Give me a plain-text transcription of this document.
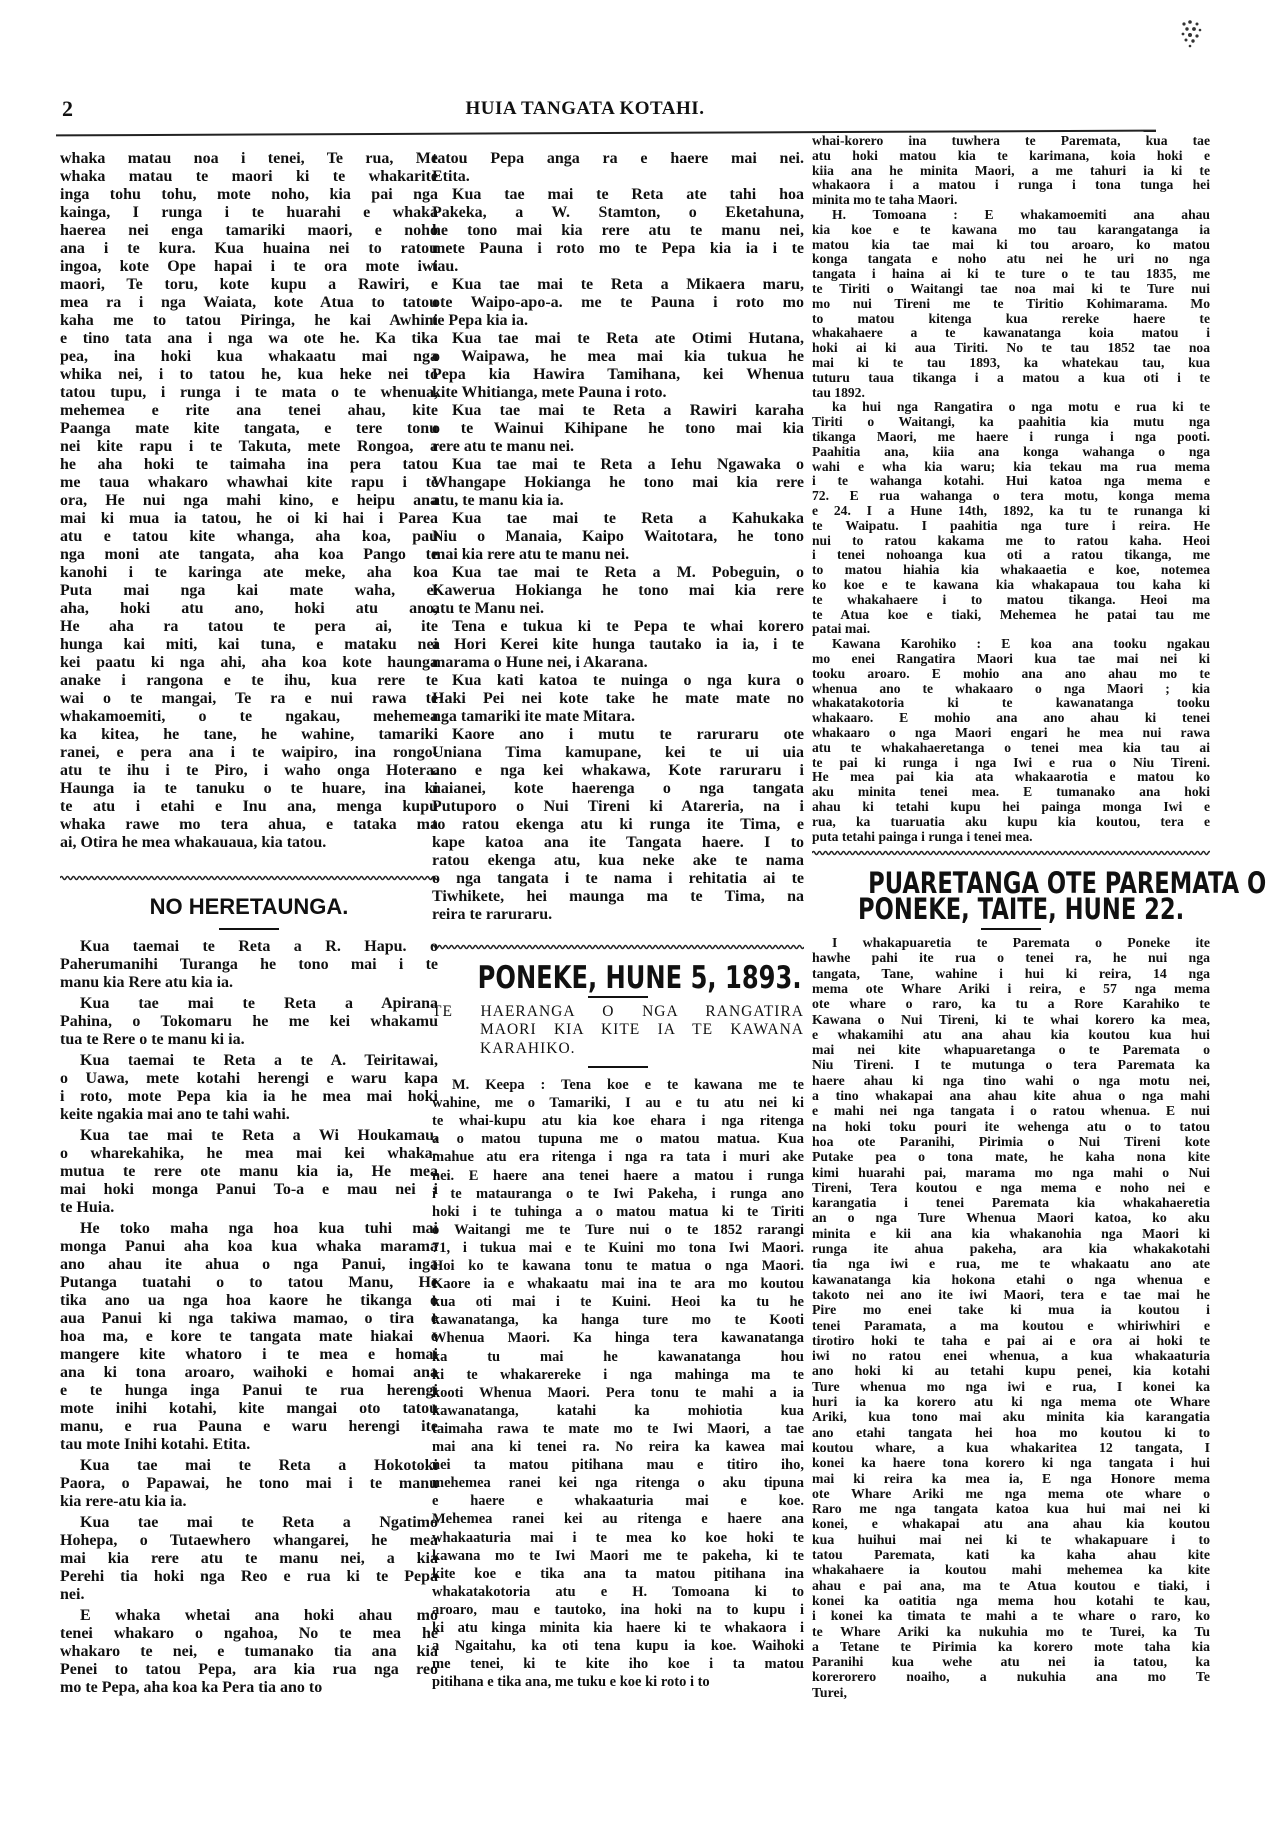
2	HUIA TANGATA KOTAHI.
whaka matau noa i tenei, Te rua, Me
whaka matau te maori ki te whakarite
inga tohu tohu, mote noho, kia pai nga
kainga, I runga i te huarahi e whaka
haerea nei enga tamariki maori, e noho
ana i te kura. Kua huaina nei to ratou
ingoa, kote Ope hapai i te ora mote iwi
maori, Te toru, kote kupu a Rawiri, e
mea ra i nga Waiata, kote Atua to tatou
kaha me to tatou Piringa, he kai Awhini
e tino tata ana i nga wa ote he. Ka tika
pea, ina hoki kua whakaatu mai nga
whika nei, i to tatou he, kua heke nei to
tatou tupu, i runga i te mata o te whenua,
mehemea e rite ana tenei ahau, kite
Paanga mate kite tangata, e tere tonu
nei kite rapu i te Takuta, mete Rongoa, a
he aha hoki te taimaha ina pera tatou
me taua whakaro whawhai kite rapu i te
ora, He nui nga mahi kino, e heipu ana
mai ki mua ia tatou, he oi ki hai i Parea
atu e tatou kite whanga, aha koa, pau
nga moni ate tangata, aha koa Pango te
kanohi i te karinga ate meke, aha koa
Puta mai nga kai mate waha, ei
aha, hoki atu ano, hoki atu ano,
He aha ra tatou te pera ai, ite
hunga kai miti, kai tuna, e mataku nei
kei paatu ki nga ahi, aha koa kote haunga
anake i rangona e te ihu, kua rere te
wai o te mangai, Te ra e nui rawa te
whakamoemiti, o te ngakau, mehemea
ka kitea, he tane, he wahine, tamariki
ranei, e pera ana i te waipiro, ina rongo-
atu te ihu i te Piro, i waho onga Hotera.
Haunga ia te tanuku o te huare, ina ki
te atu i etahi e Inu ana, menga kupu
whaka rawe mo tera ahua, e tataka ma
ai, Otira he mea whakauaua, kia tatou.
NO HERETAUNGA.
Kua taemai te Reta a R. Hapu. o
Paherumanihi Turanga he tono mai i te
manu kia Rere atu kia ia.
Kua tae mai te Reta a Apirana
Pahina, o Tokomaru he me kei whakamu
tua te Rere o te manu ki ia.
Kua taemai te Reta a te A. Teiritawai,
o Uawa, mete kotahi herengi e waru kapa
i roto, mote Pepa kia ia he mea mai hoki
keite ngakia mai ano te tahi wahi.
Kua tae mai te Reta a Wi Houkamau,
o wharekahika, he mea mai kei whaka-
mutua te rere ote manu kia ia, He mea
mai hoki monga Panui To-a e mau nei i
te Huia.
He toko maha nga hoa kua tuhi mai
monga Panui aha koa kua whaka marama
ano ahau ite ahua o nga Panui, inga
Putanga tuatahi o to tatou Manu, He
tika ano ua nga hoa kaore he tikanga o
aua Panui ki nga takiwa mamao, o tira e
hoa ma, e kore te tangata mate hiakai e
mangere kite whatoro i te mea e homai
ana ki tona aroaro, waihoki e homai ana
e te hunga inga Panui te rua herengi
mote inihi kotahi, kite mangai oto tatou
manu, e rua Pauna e waru herengi ite
tau mote Inihi kotahi. Etita.
Kua tae mai te Reta a Hokotoki
Paora, o Papawai, he tono mai i te manu
kia rere-atu kia ia.
Kua tae mai te Reta a Ngatimo
Hohepa, o Tutaewhero whangarei, he mea
mai kia rere atu te manu nei, a kia
Perehi tia hoki nga Reo e rua ki te Pepa
nei.
E whaka whetai ana hoki ahau mo
tenei whakaro o ngahoa, No te mea he
whakaro te nei, e tumanako tia ana kia
Penei to tatou Pepa, ara kia rua nga reo
mo te Pepa, aha koa ka Pera tia ano to
tatou Pepa anga ra e haere mai nei.
Etita.
Kua tae mai te Reta ate tahi hoa
Pakeka, a W. Stamton, o Eketahuna,
he tono mai kia rere atu te manu nei,
mete Pauna i roto mo te Pepa kia ia i te
tau.
Kua tae mai te Reta a Mikaera maru,
ote Waipo-apo-a. me te Pauna i roto mo
te Pepa kia ia.
Kua tae mai te Reta ate Otimi Hutana,
o Waipawa, he mea mai kia tukua he
Pepa kia Hawira Tamihana, kei Whenua
kite Whitianga, mete Pauna i roto.
Kua tae mai te Reta a Rawiri karaha
o te Wainui Kihipane he tono mai kia
rere atu te manu nei.
Kua tae mai te Reta a Iehu Ngawaka o
Whangape Hokianga he tono mai kia rere
atu, te manu kia ia.
Kua tae mai te Reta a Kahukaka
Niu o Manaia, Kaipo Waitotara, he tono
mai kia rere atu te manu nei.
Kua tae mai te Reta a M. Pobeguin, o
Kawerua Hokianga he tono mai kia rere
atu te Manu nei.
Tena e tukua ki te Pepa te whai korero
a Hori Kerei kite hunga tautako ia ia, i te
marama o Hune nei, i Akarana.
Kua kati katoa te nuinga o nga kura o
Haki Pei nei kote take he mate mate no
nga tamariki ite mate Mitara.
Kaore ano i mutu te raruraru ote
Uniana Tima kamupane, kei te ui uia
ano e nga kei whakawa, Kote raruraru i
naianei, kote haerenga o nga tangata
Putuporo o Nui Tireni ki Atareria, na i
to ratou ekenga atu ki runga ite Tima, e
kape katoa ana ite Tangata haere. I to
ratou ekenga atu, kua neke ake te nama
o nga tangata i te nama i rehitatia ai te
Tiwhikete, hei maunga ma te Tima, na
reira te raruraru.
PONEKE, HUNE 5, 1893.
TE HAERANGA O NGA RANGATIRA
MAORI KIA KITE IA TE KAWANA
KARAHIKO.
M. Keepa : Tena koe e te kawana me te
wahine, me o Tamariki, I au e tu atu nei ki
te whai-kupu atu kia koe ehara i nga ritenga
a o matou tupuna me o matou matua. Kua
mahue atu era ritenga i nga ra tata i muri ake
nei. E haere ana tenei haere a matou i runga
i te matauranga o te Iwi Pakeha, i runga ano
hoki i te tuhinga a o matou matua ki te Tiriti
o Waitangi me te Ture nui o te 1852 rarangi
71, i tukua mai e te Kuini mo tona Iwi Maori.
Hoi ko te kawana tonu te matua o nga Maori.
Kaore ia e whakaatu mai ina te ara mo koutou
kua oti mai i te Kuini. Heoi ka tu he
kawanatanga, ka hanga ture mo te Kooti
Whenua Maori. Ka hinga tera kawanatanga
ka tu mai he kawanatanga hou
ki te whakarereke i nga mahinga ma te
kooti Whenua Maori. Pera tonu te mahi a ia
kawanatanga, katahi ka mohiotia kua
taimaha rawa te mate mo te Iwi Maori, a tae
mai ana ki tenei ra. No reira ka kawea mai
nei ta matou pitihana mau e titiro iho,
mehemea ranei kei nga ritenga o aku tipuna
e haere e whakaaturia mai e koe.
Mehemea ranei kei au ritenga e haere ana
whakaaturia mai i te mea ko koe hoki te
kawana mo te Iwi Maori me te pakeha, ki te
kite koe e tika ana ta matou pitihana ina
whakatakotoria atu e H. Tomoana ki to
aroaro, mau e tautoko, ina hoki na to kupu i
ki atu kinga minita kia haere ki te whakaora i
a Ngaitahu, ka oti tena kupu ia koe. Waihoki
me tenei, ki te kite iho koe i ta matou
pitihana e tika ana, me tuku e koe ki roto i to
whai-korero ina tuwhera te Paremata, kua tae
atu hoki matou kia te karimana, koia hoki e
kiia ana he minita Maori, a me tahuri ia ki te
whakaora i a matou i runga i tona tunga hei
minita mo te taha Maori.
H. Tomoana : E whakamoemiti ana ahau
kia koe e te kawana mo tau karangatanga ia
matou kia tae mai ki tou aroaro, ko matou
konga tangata e noho atu nei he uri no nga
tangata i haina ai ki te ture o te tau 1835, me
te Tiriti o Waitangi tae noa mai ki te Ture nui
mo nui Tireni me te Tiritio Kohimarama. Mo
to matou kitenga kua rereke haere te
whakahaere a te kawanatanga koia matou i
hoki ai ki aua Tiriti. No te tau 1852 tae noa
mai ki te tau 1893, ka whatekau tau, kua
tuturu taua tikanga i a matou a kua oti i te
tau 1892.
ka hui nga Rangatira o nga motu e rua ki te
Tiriti o Waitangi, ka paahitia kia mutu nga
tikanga Maori, me haere i runga i nga pooti.
Paahitia ana, kiia ana konga wahanga o nga
wahi e wha kia waru; kia tekau ma rua mema
i te wahanga kotahi. Hui katoa nga mema e
72. E rua wahanga o tera motu, konga mema
e 24. I a Hune 14th, 1892, ka tu te runanga ki
te Waipatu. I paahitia nga ture i reira. He
nui to ratou kakama me to ratou kaha. Heoi
i tenei nohoanga kua oti a ratou tikanga, me
to matou hiahia kia whakaaetia e koe, notemea
ko koe e te kawana kia whakapaua tou kaha ki
te whakahaere i to matou tikanga. Heoi ma
te Atua koe e tiaki, Mehemea he patai tau me
patai mai.
Kawana Karohiko : E koa ana tooku ngakau
mo enei Rangatira Maori kua tae mai nei ki
tooku aroaro. E mohio ana ano ahau mo te
whenua ano te whakaaro o nga Maori ; kia
whakatakotoria ki te kawanatanga tooku
whakaaro. E mohio ana ano ahau ki tenei
whakaaro o nga Maori engari he mea nui rawa
atu te whakahaeretanga o tenei mea kia tau ai
te pai ki runga i nga Iwi e rua o Niu Tireni.
He mea pai kia ata whakaarotia e matou ko
aku minita tenei mea. E tumanako ana hoki
ahau ki tetahi kupu hei painga monga Iwi e
rua, ka tuaruatia aku kupu kia koutou, tera e
puta tetahi painga i runga i tenei mea.
PUARETANGA OTE PAREMATA O
PONEKE, TAITE, HUNE 22.
I whakapuaretia te Paremata o Poneke ite
hawhe pahi ite rua o tenei ra, he nui nga
tangata, Tane, wahine i hui ki reira, 14 nga
mema ote Whare Ariki i reira, e 57 nga mema
ote whare o raro, ka tu a Rore Karahiko te
Kawana o Nui Tireni, ki te whai korero ka mea,
e whakamihi atu ana ahau kia koutou kua hui
mai nei kite whapuaretanga o te Paremata o
Niu Tireni. I te mutunga o tera Paremata ka
haere ahau ki nga tino wahi o nga motu nei,
a tino whakapai ana ahau kite ahua o nga mahi
e mahi nei nga tangata i o ratou whenua. E nui
na hoki toku pouri ite wehenga atu o to tatou
hoa ote Paranihi, Pirimia o Nui Tireni kote
Putake pea o tona mate, he kaha nona kite
kimi huarahi pai, marama mo nga mahi o Nui
Tireni, Tera koutou e nga mema e noho nei e
karangatia i tenei Paremata kia whakahaeretia
an o nga Ture Whenua Maori katoa, ko aku
minita e kii ana kia whakanohia nga Maori ki
runga ite ahua pakeha, ara kia whakakotahi
tia nga iwi e rua, me te whakaatu ano ate
kawanatanga kia hokona etahi o nga whenua e
takoto nei ano ite iwi Maori, tera e tae mai he
Pire mo enei take ki mua ia koutou i
tenei Paramata, a ma koutou e whiriwhiri e
tirotiro hoki te taha e pai ai e ora ai hoki te
iwi no ratou enei whenua, a kua whakaaturia
ano hoki ki au tetahi kupu penei, kia kotahi
Ture whenua mo nga iwi e rua, I konei ka
huri ia ka korero atu ki nga mema ote Whare
Ariki, kua tono mai aku minita kia karangatia
ano etahi tangata hei hoa mo koutou ki to
koutou whare, a kua whakaritea 12 tangata, I
konei ka haere tona korero ki nga tangata i hui
mai ki reira ka mea ia, E nga Honore mema
ote Whare Ariki me nga mema ote whare o
Raro me nga tangata katoa kua hui mai nei ki
konei, e whakapai atu ana ahau kia koutou
kua huihui mai nei ki te whakapuare i to
tatou Paremata, kati ka kaha ahau kite
whakahaere ia koutou mahi mehemea ka kite
ahau e pai ana, ma te Atua koutou e tiaki, i
konei ka oatitia nga mema hou kotahi te kau,
i konei ka timata te mahi a te whare o raro, ko
te Whare Ariki ka nukuhia mo te Turei, ka Tu
a Tetane te Pirimia ka korero mote taha kia
Paranihi kua wehe atu nei ia tatou, ka
korerorero noaiho, a nukuhia ana mo Te
Turei,
